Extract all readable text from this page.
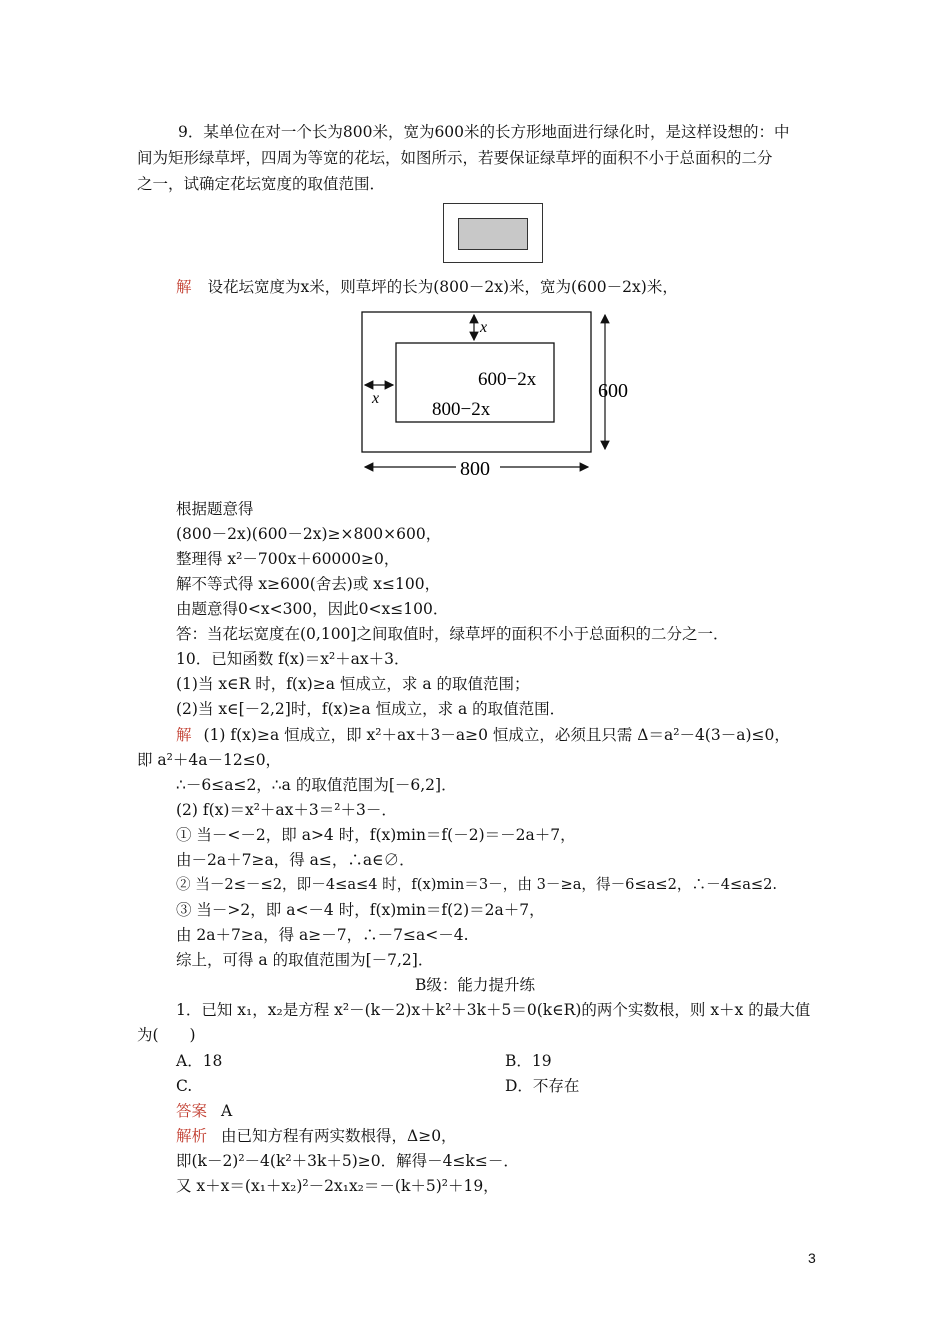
9．某单位在对一个长为800米，宽为600米的长方形地面进行绿化时，是这样设想的：中
间为矩形绿草坪，四周为等宽的花坛，如图所示，若要保证绿草坪的面积不小于总面积的二分
之一，试确定花坛宽度的取值范围．
解 设花坛宽度为x米，则草坪的长为(800－2x)米，宽为(600－2x)米，
x
x
600−2x
800−2x
600
800
根据题意得
(800－2x)(600－2x)≥×800×600，
整理得 x²－700x＋60000≥0，
解不等式得 x≥600(舍去)或 x≤100，
由题意得0<x<300，因此0<x≤100．
答：当花坛宽度在(0,100]之间取值时，绿草坪的面积不小于总面积的二分之一．
10．已知函数 f(x)＝x²＋ax＋3．
(1)当 x∈R 时，f(x)≥a 恒成立，求 a 的取值范围；
(2)当 x∈[－2,2]时，f(x)≥a 恒成立，求 a 的取值范围．
解 (1) f(x)≥a 恒成立，即 x²＋ax＋3－a≥0 恒成立，必须且只需 Δ＝a²－4(3－a)≤0，
即 a²＋4a－12≤0，
∴－6≤a≤2，∴a 的取值范围为[－6,2]．
(2) f(x)＝x²＋ax＋3＝²＋3－．
① 当－<－2，即 a>4 时，f(x)min＝f(－2)＝－2a＋7，
由－2a＋7≥a，得 a≤，∴a∈∅．
② 当－2≤－≤2，即－4≤a≤4 时，f(x)min＝3－，由 3－≥a，得－6≤a≤2，∴－4≤a≤2.
③ 当－>2，即 a<－4 时，f(x)min＝f(2)＝2a＋7，
由 2a＋7≥a，得 a≥－7，∴－7≤a<－4.
综上，可得 a 的取值范围为[－7,2]．
B级：能力提升练
1．已知 x₁，x₂是方程 x²－(k－2)x＋k²＋3k＋5＝0(k∈R)的两个实数根，则 x＋x 的最大值
为(　　)
A．18	B．19
C.	D．不存在
答案 A
解析 由已知方程有两实数根得，Δ≥0，
即(k－2)²－4(k²＋3k＋5)≥0．解得－4≤k≤－．
又 x＋x＝(x₁＋x₂)²－2x₁x₂＝－(k＋5)²＋19，
3
